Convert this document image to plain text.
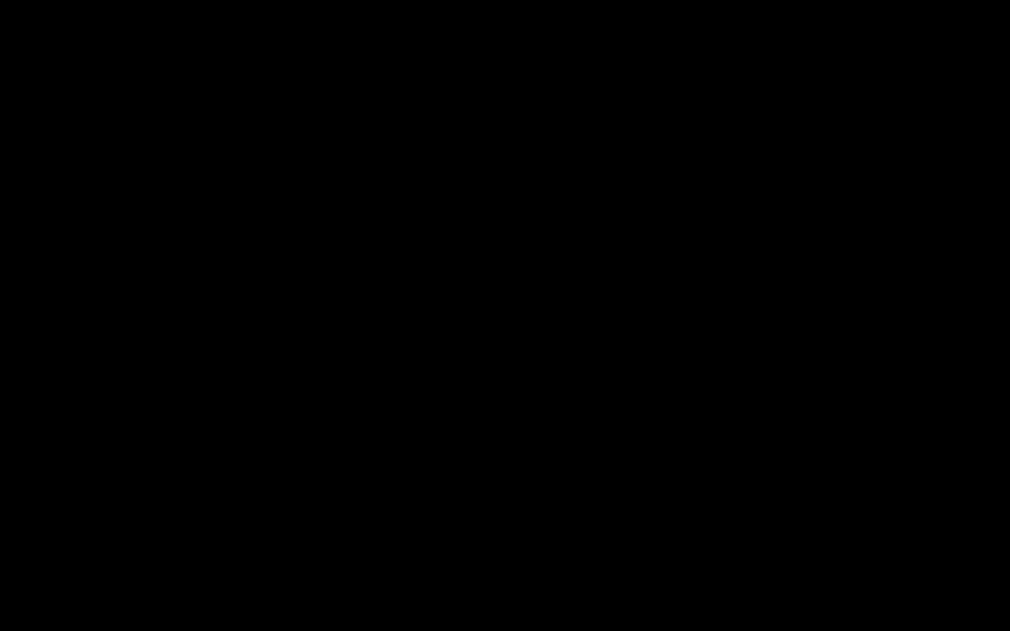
№ задания	Учебный предмет, тема	Проверяемые умения	Максимальный балл
1	Чтение, понимание текста	Чтение про себя печатного текста не менее 15 слов в минуту	Не оценивается
2	Письмо	Умение правильно списать заданное предложение печатным шрифтом без ошибок, пропусков, искажения букв.
2
3	Чтение, понимание текста	Умение выявить соответствие формулировки задания последовательности содержания событийный ряд
1
4	Математика	Умение сравнивать числа в пределах 10 с помощью знаков сравнения	1
5(1)	Математика	Умение пересчитать предметы в пределах 10, записать результат с помощью цифр	1
5(2)	Математика	Умение выявить, установить и продолжить закономерность в ряду чисел	1
6 (1-3)	Письмо	Умение делить слова на слоги, определять ударный слог, выделять звуковой состав слова	3
7-8	Окружающий мир	Наличие первоначальных представлений о природных объектах, умение выявлять признаки сходства и различия предметов
2
9	Математика	Способность сопоставить и анализировать пространственные отношения между предметами	1
10	Математика	Умение определять место числа в натуральном ряду. Умение сравнивать числа и величины, заданные в неявной форме
1
Итого	6 заданий основной части (базовый уровень). Максимальный балл: 9; 4 задания дополнительной части (повышенный уровень). Максимальный балл 4. ВАЖНО! 1 балл дополнительный (поощрительный) за самостоятельность выполнения работы
Итого максимальный балл за работу – 14 баллов	14
